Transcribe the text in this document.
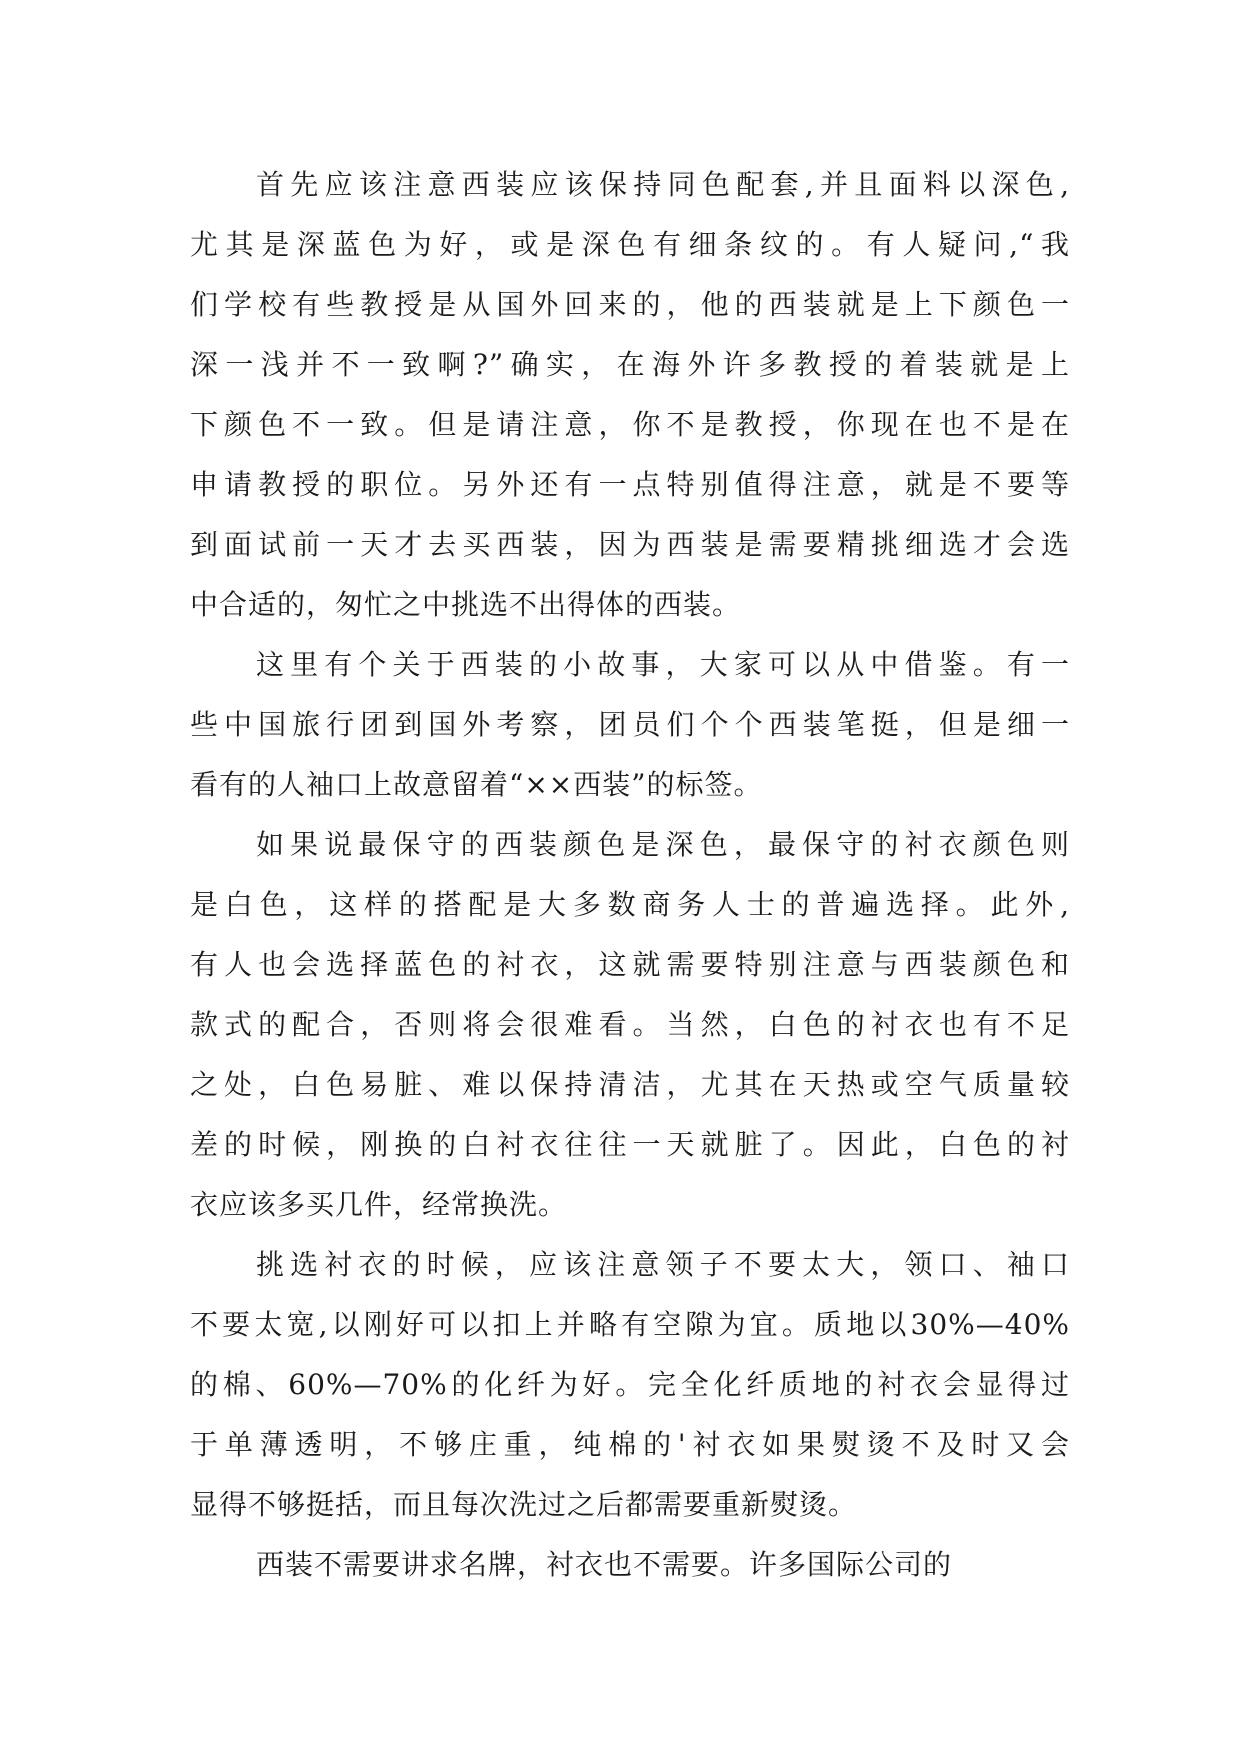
首先应该注意西装应该保持同色配套,并且面料以深色,
尤其是深蓝色为好，或是深色有细条纹的。有人疑问,“我
们学校有些教授是从国外回来的，他的西装就是上下颜色一
深一浅并不一致啊?”确实，在海外许多教授的着装就是上
下颜色不一致。但是请注意，你不是教授，你现在也不是在
申请教授的职位。另外还有一点特别值得注意，就是不要等
到面试前一天才去买西装，因为西装是需要精挑细选才会选
中合适的，匆忙之中挑选不出得体的西装。
这里有个关于西装的小故事，大家可以从中借鉴。有一
些中国旅行团到国外考察，团员们个个西装笔挺，但是细一
看有的人袖口上故意留着“××西装”的标签。
如果说最保守的西装颜色是深色，最保守的衬衣颜色则
是白色，这样的搭配是大多数商务人士的普遍选择。此外,
有人也会选择蓝色的衬衣，这就需要特别注意与西装颜色和
款式的配合，否则将会很难看。当然，白色的衬衣也有不足
之处，白色易脏、难以保持清洁，尤其在天热或空气质量较
差的时候，刚换的白衬衣往往一天就脏了。因此，白色的衬
衣应该多买几件，经常换洗。
挑选衬衣的时候，应该注意领子不要太大，领口、袖口
不要太宽,以刚好可以扣上并略有空隙为宜。质地以30%—40%
的棉、60%—70%的化纤为好。完全化纤质地的衬衣会显得过
于单薄透明，不够庄重，纯棉的'衬衣如果熨烫不及时又会
显得不够挺括，而且每次洗过之后都需要重新熨烫。
西装不需要讲求名牌，衬衣也不需要。许多国际公司的
